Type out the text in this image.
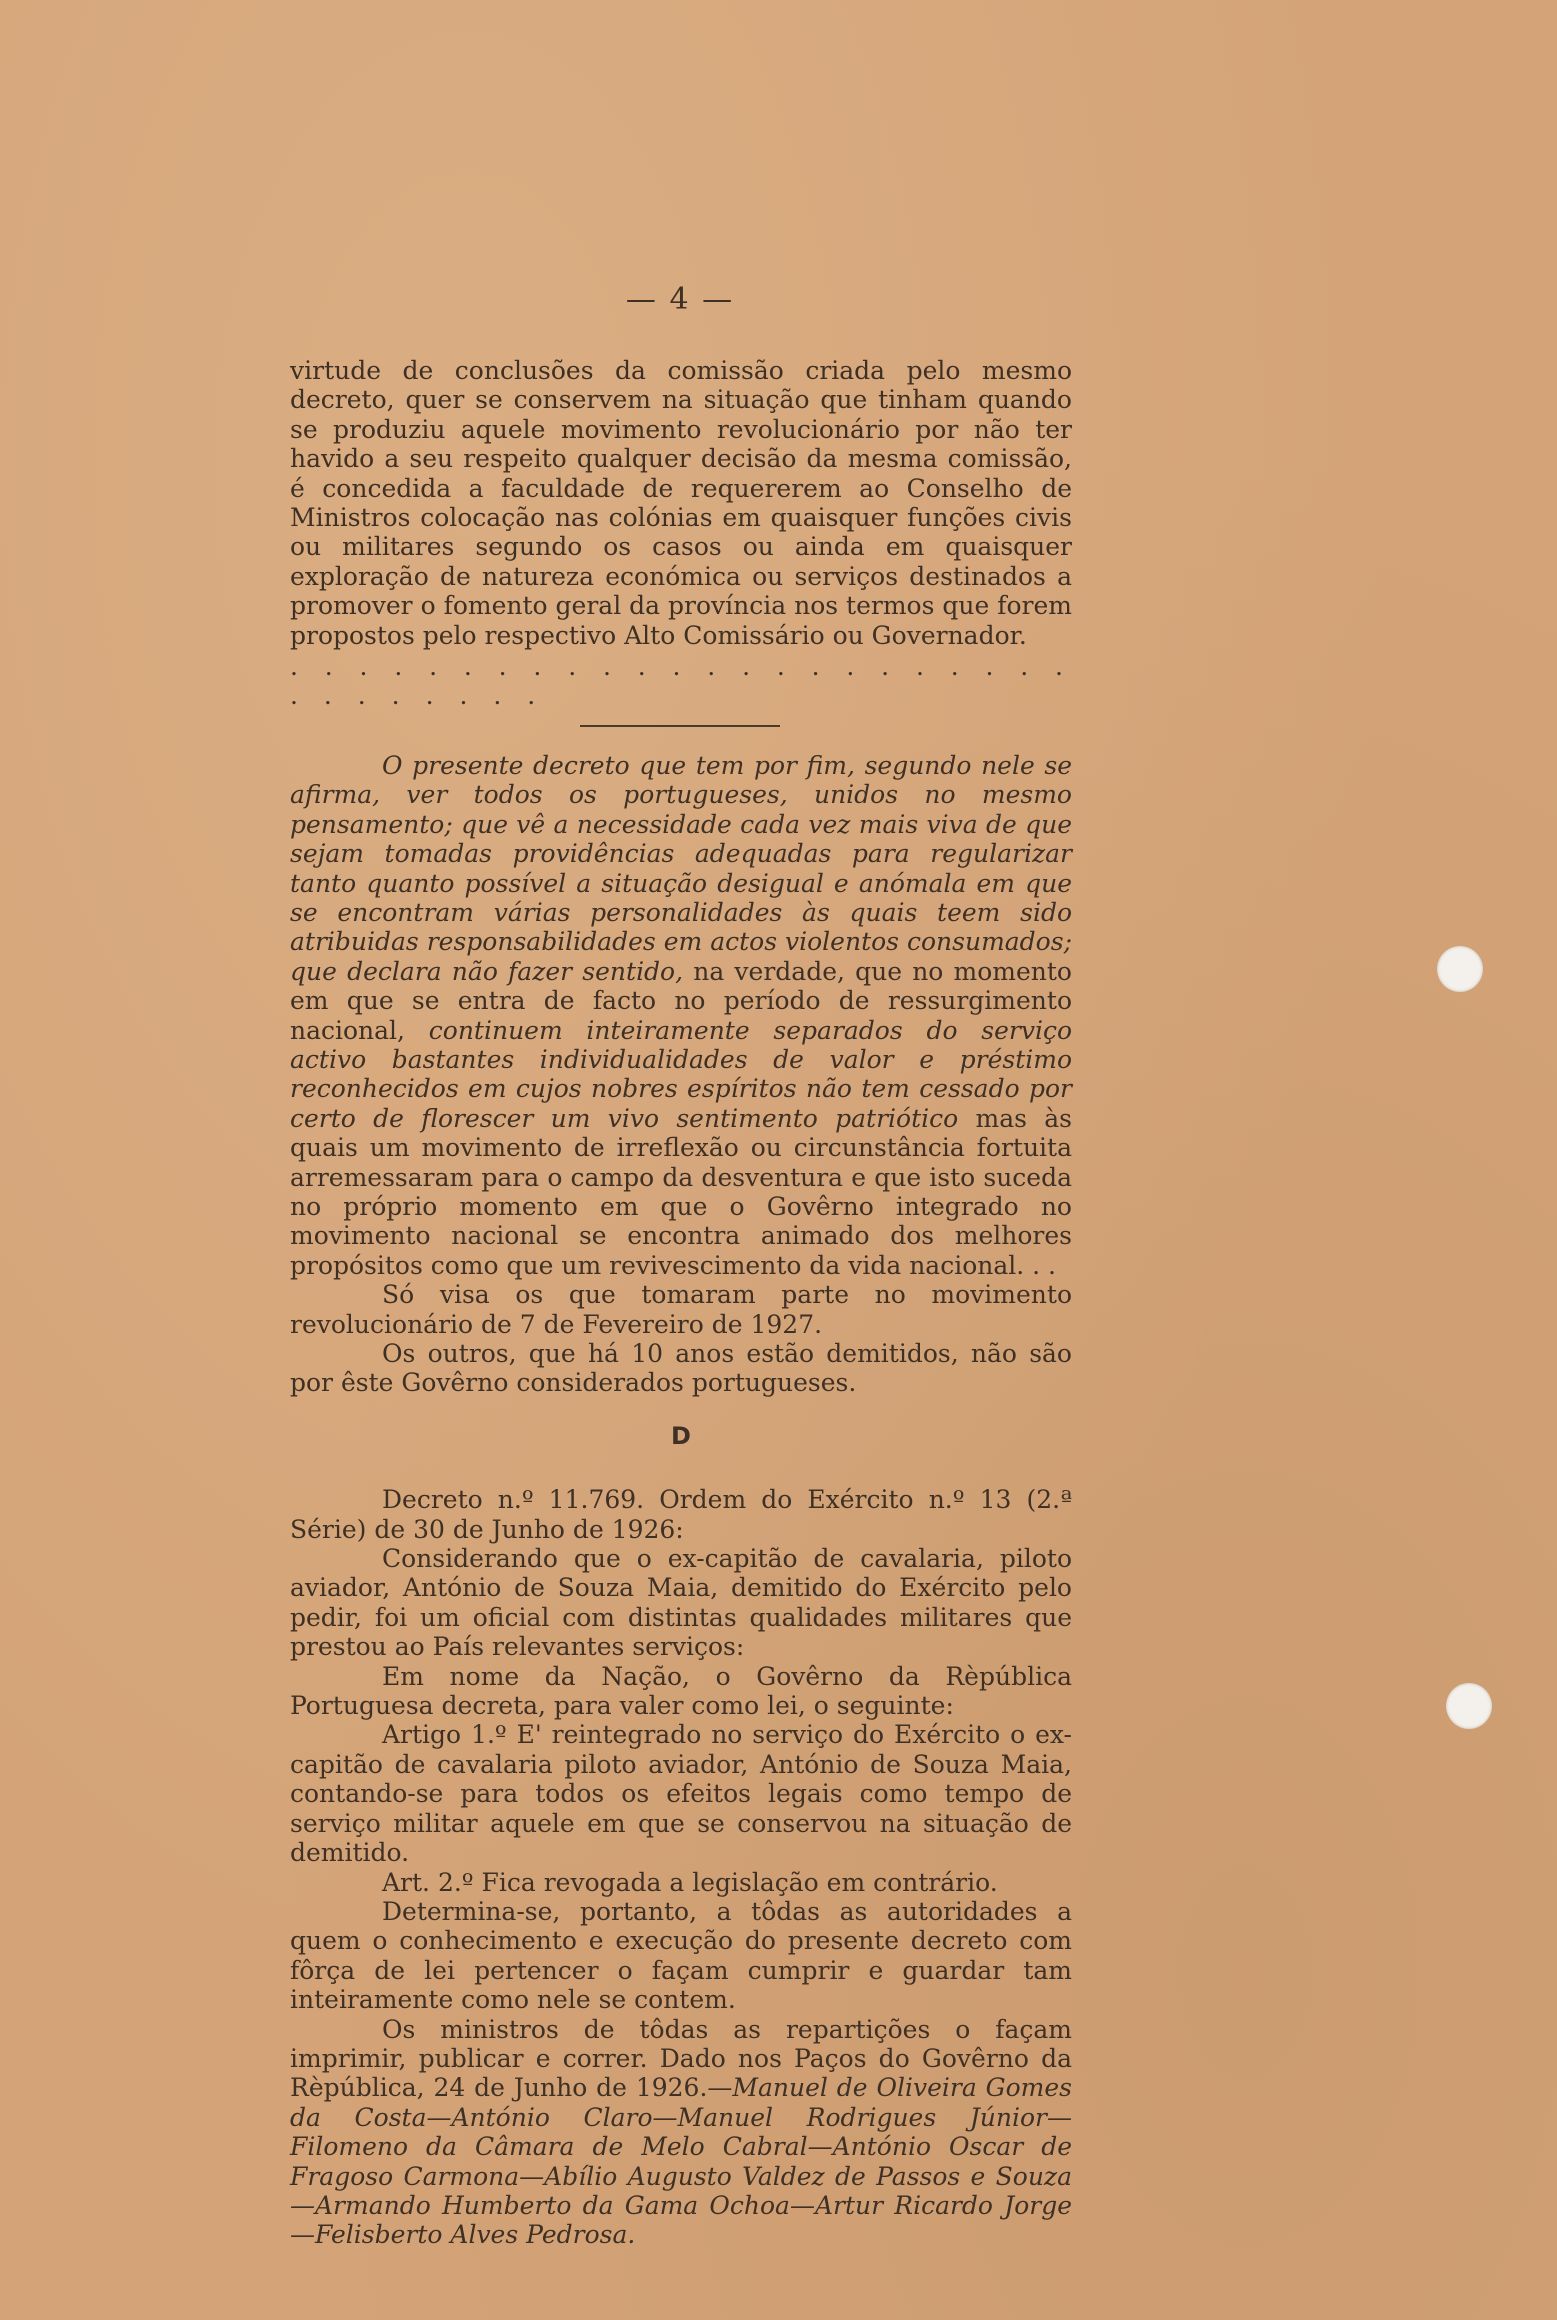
— 4 —

virtude de conclusões da comissão criada pelo mesmo decreto, quer se conservem na situação que tinham quando se produziu aquele movimento revolucionário por não ter havido a seu respeito qualquer decisão da mesma comissão, é concedida a faculdade de requererem ao Conselho de Ministros colocação nas colónias em quaisquer funções civis ou militares segundo os casos ou ainda em quaisquer exploração de natureza económica ou serviços destinados a promover o fomento geral da província nos termos que forem propostos pelo respectivo Alto Comissário ou Governador.

. . . . . . . . . . . . . . . . . . . . . . . . . . . . . . .

O presente decreto que tem por fim, segundo nele se afirma, ver todos os portugueses, unidos no mesmo pensamento; que vê a necessidade cada vez mais viva de que sejam tomadas providências adequadas para regularizar tanto quanto possível a situação desigual e anómala em que se encontram várias personalidades às quais teem sido atribuidas responsabilidades em actos violentos consumados; que declara não fazer sentido, na verdade, que no momento em que se entra de facto no período de ressurgimento nacional, continuem inteiramente separados do serviço activo bastantes individualidades de valor e préstimo reconhecidos em cujos nobres espíritos não tem cessado por certo de florescer um vivo sentimento patriótico mas às quais um movimento de irreflexão ou circunstância fortuita arremessaram para o campo da desventura e que isto suceda no próprio momento em que o Govêrno integrado no movimento nacional se encontra animado dos melhores propósitos como que um revivescimento da vida nacional. . .

Só visa os que tomaram parte no movimento revolucionário de 7 de Fevereiro de 1927.

Os outros, que há 10 anos estão demitidos, não são por êste Govêrno considerados portugueses.

D

Decreto n.º 11.769. Ordem do Exército n.º 13 (2.ª Série) de 30 de Junho de 1926:

Considerando que o ex-capitão de cavalaria, piloto aviador, António de Souza Maia, demitido do Exército pelo pedir, foi um oficial com distintas qualidades militares que prestou ao País relevantes serviços:

Em nome da Nação, o Govêrno da Rèpública Portuguesa decreta, para valer como lei, o seguinte:

Artigo 1.º E' reintegrado no serviço do Exército o ex-capitão de cavalaria piloto aviador, António de Souza Maia, contando-se para todos os efeitos legais como tempo de serviço militar aquele em que se conservou na situação de demitido.

Art. 2.º Fica revogada a legislação em contrário.

Determina-se, portanto, a tôdas as autoridades a quem o conhecimento e execução do presente decreto com fôrça de lei pertencer o façam cumprir e guardar tam inteiramente como nele se contem.

Os ministros de tôdas as repartições o façam imprimir, publicar e correr. Dado nos Paços do Govêrno da Rèpública, 24 de Junho de 1926.—Manuel de Oliveira Gomes da Costa—António Claro—Manuel Rodrigues Júnior—Filomeno da Câmara de Melo Cabral—António Oscar de Fragoso Carmona—Abílio Augusto Valdez de Passos e Souza—Armando Humberto da Gama Ochoa—Artur Ricardo Jorge—Felisberto Alves Pedrosa.
